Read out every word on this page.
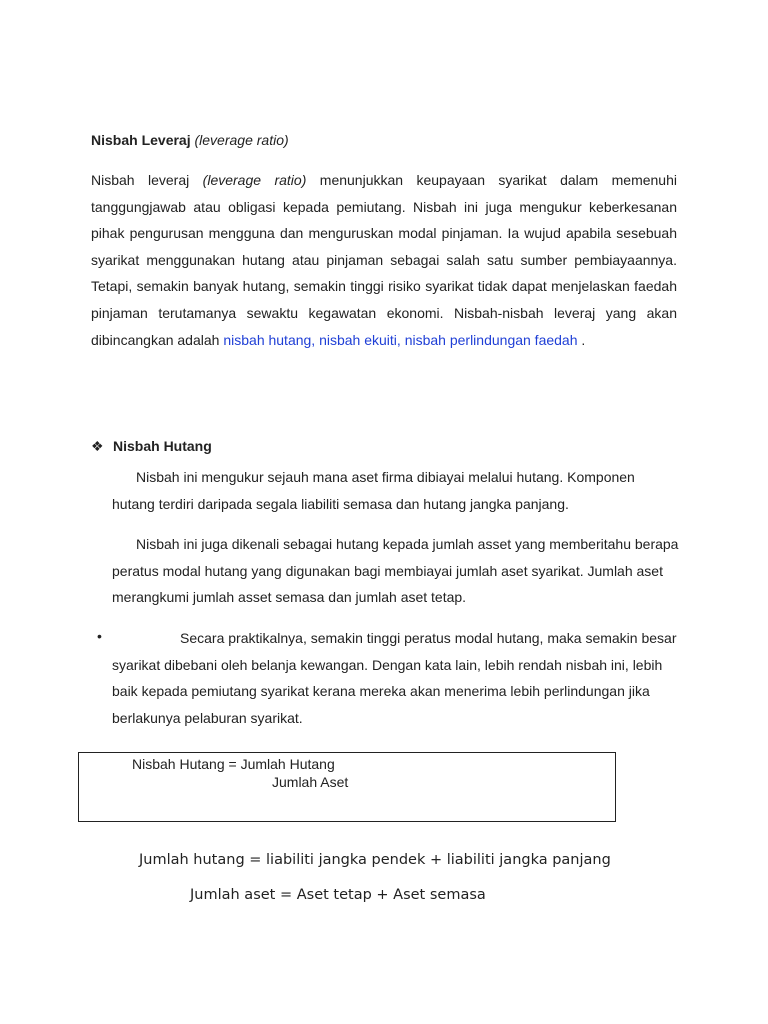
Nisbah Leveraj (leverage ratio)
Nisbah leveraj (leverage ratio) menunjukkan keupayaan syarikat dalam memenuhi tanggungjawab atau obligasi kepada pemiutang. Nisbah ini juga mengukur keberkesanan pihak pengurusan mengguna dan menguruskan modal pinjaman. Ia wujud apabila sesebuah syarikat menggunakan hutang atau pinjaman sebagai salah satu sumber pembiayaannya. Tetapi, semakin banyak hutang, semakin tinggi risiko syarikat tidak dapat menjelaskan faedah pinjaman terutamanya sewaktu kegawatan ekonomi. Nisbah-nisbah leveraj yang akan dibincangkan adalah nisbah hutang, nisbah ekuiti, nisbah perlindungan faedah .
❖ Nisbah Hutang
Nisbah ini mengukur sejauh mana aset firma dibiayai melalui hutang. Komponen hutang terdiri daripada segala liabiliti semasa dan hutang jangka panjang.
Nisbah ini juga dikenali sebagai hutang kepada jumlah asset yang memberitahu berapa peratus modal hutang yang digunakan bagi membiayai jumlah aset syarikat. Jumlah aset merangkumi jumlah asset semasa dan jumlah aset tetap.
•	Secara praktikalnya, semakin tinggi peratus modal hutang, maka semakin besar syarikat dibebani oleh belanja kewangan. Dengan kata lain, lebih rendah nisbah ini, lebih baik kepada pemiutang syarikat kerana mereka akan menerima lebih perlindungan jika berlakunya pelaburan syarikat.
Nisbah Hutang = Jumlah Hutang
Jumlah Aset
Jumlah hutang = liabiliti jangka pendek + liabiliti jangka panjang
Jumlah aset = Aset tetap + Aset semasa
